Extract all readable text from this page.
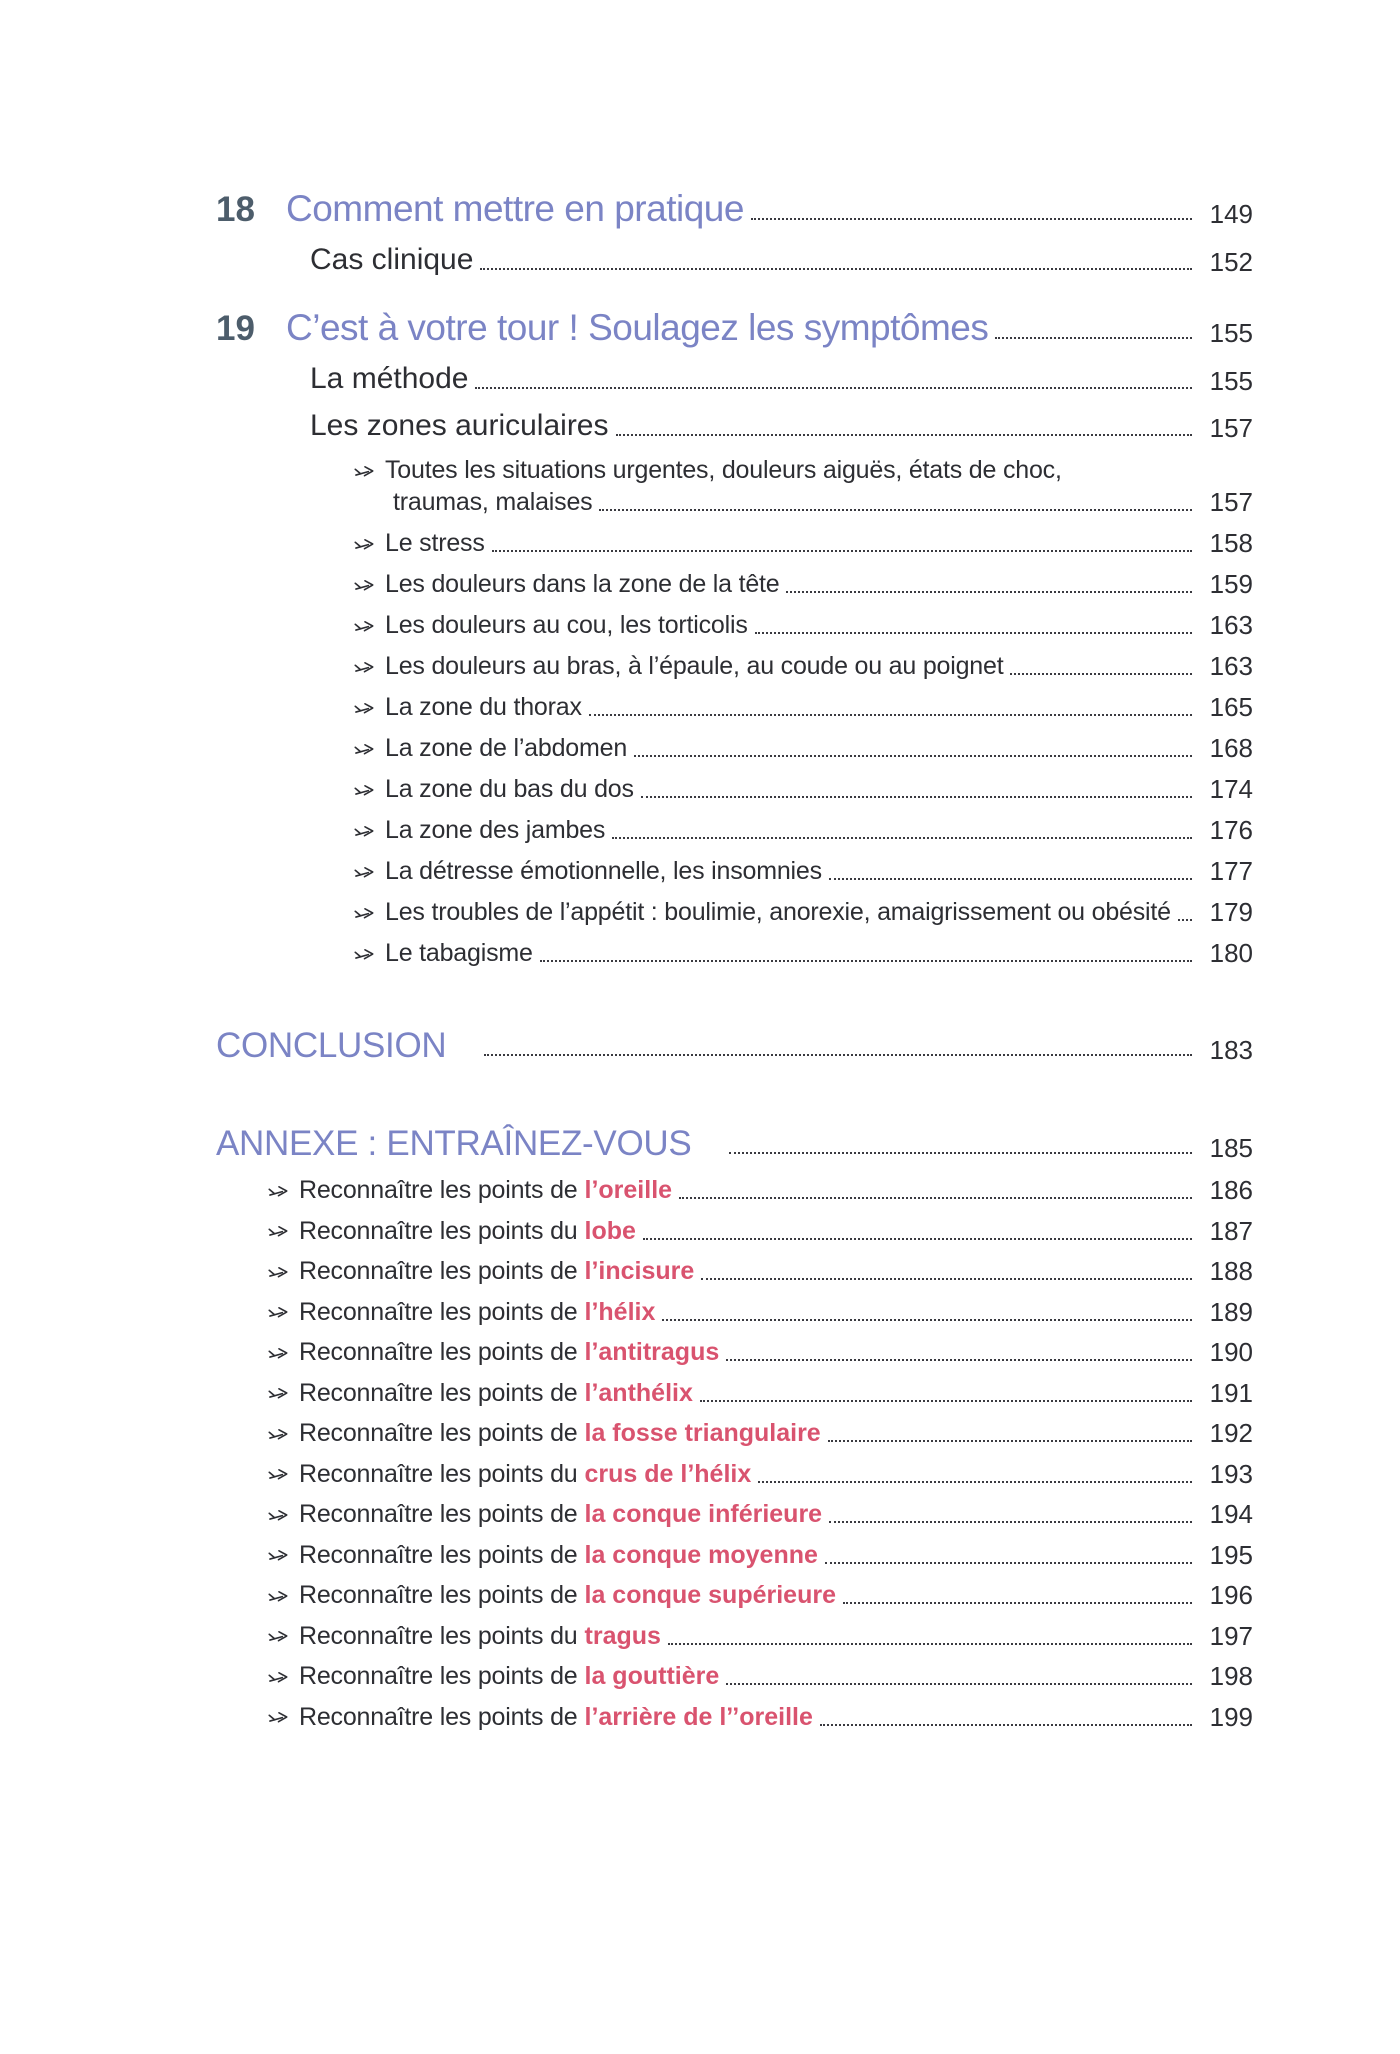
18 Comment mettre en pratique	149
Cas clinique	152
19 C’est à votre tour ! Soulagez les symptômes	155
La méthode	155
Les zones auriculaires	157
Toutes les situations urgentes, douleurs aiguës, états de choc,
traumas, malaises	157
Le stress	158
Les douleurs dans la zone de la tête	159
Les douleurs au cou, les torticolis	163
Les douleurs au bras, à l’épaule, au coude ou au poignet	163
La zone du thorax	165
La zone de l’abdomen	168
La zone du bas du dos	174
La zone des jambes	176
La détresse émotionnelle, les insomnies	177
Les troubles de l’appétit : boulimie, anorexie, amaigrissement ou obésité	179
Le tabagisme	180
CONCLUSION	183
ANNEXE : ENTRAÎNEZ-VOUS	185
Reconnaître les points de l’oreille	186
Reconnaître les points du lobe	187
Reconnaître les points de l’incisure	188
Reconnaître les points de l’hélix	189
Reconnaître les points de l’antitragus	190
Reconnaître les points de l’anthélix	191
Reconnaître les points de la fosse triangulaire	192
Reconnaître les points du crus de l’hélix	193
Reconnaître les points de la conque inférieure	194
Reconnaître les points de la conque moyenne	195
Reconnaître les points de la conque supérieure	196
Reconnaître les points du tragus	197
Reconnaître les points de la gouttière	198
Reconnaître les points de l’arrière de l’’oreille	199
